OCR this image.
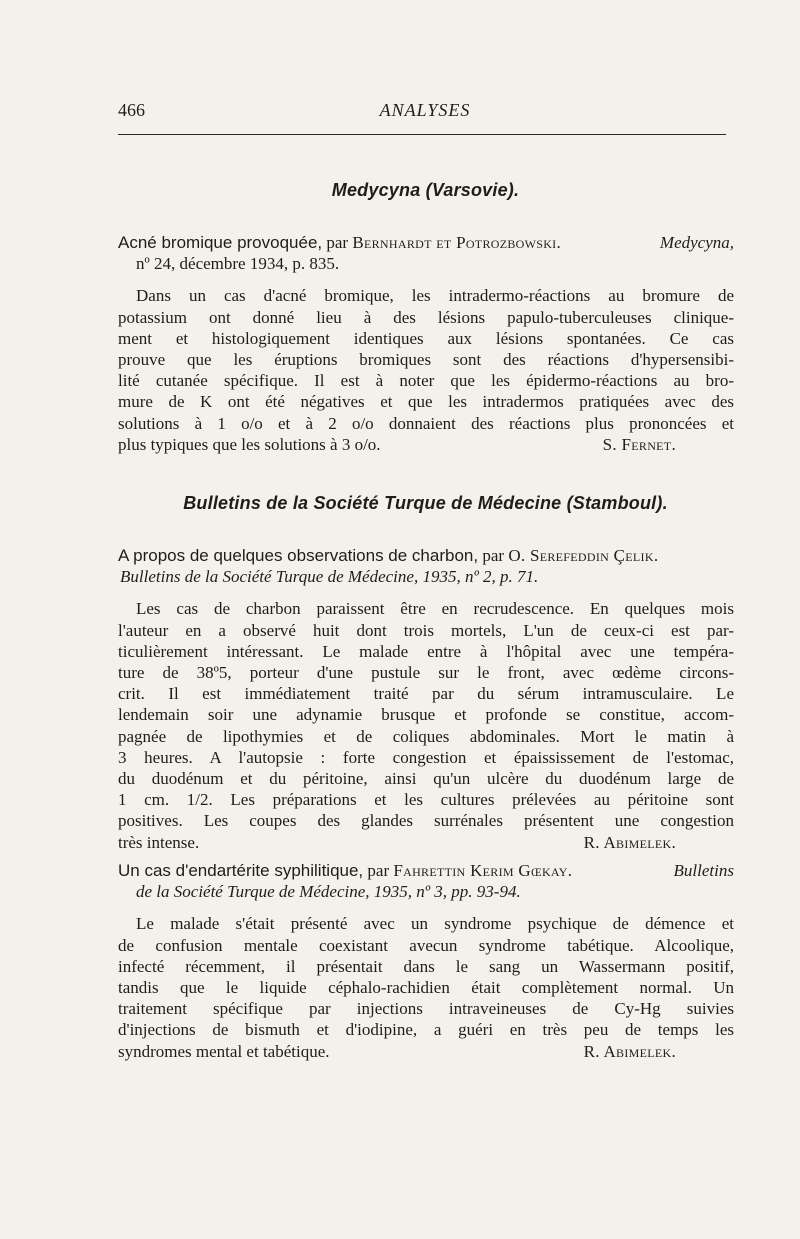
466	ANALYSES
Medycyna (Varsovie).
Acné bromique provoquée, par Bernhardt et Potrozbowski.	Medycyna,
nº 24, décembre 1934, p. 835.
Dans un cas d'acné bromique, les intradermo-réactions au bromure de
potassium ont donné lieu à des lésions papulo-tuberculeuses clinique-
ment et histologiquement identiques aux lésions spontanées. Ce cas
prouve que les éruptions bromiques sont des réactions d'hypersensibi-
lité cutanée spécifique. Il est à noter que les épidermo-réactions au bro-
mure de K ont été négatives et que les intradermos pratiquées avec des
solutions à 1 o/o et à 2 o/o donnaient des réactions plus prononcées et
plus typiques que les solutions à 3 o/o.	S. Fernet.
Bulletins de la Société Turque de Médecine (Stamboul).
A propos de quelques observations de charbon, par O. Serefeddin Çelik.
Bulletins de la Société Turque de Médecine, 1935, nº 2, p. 71.
Les cas de charbon paraissent être en recrudescence. En quelques mois
l'auteur en a observé huit dont trois mortels, L'un de ceux-ci est par-
ticulièrement intéressant. Le malade entre à l'hôpital avec une tempéra-
ture de 38º5, porteur d'une pustule sur le front, avec œdème circons-
crit. Il est immédiatement traité par du sérum intramusculaire. Le
lendemain soir une adynamie brusque et profonde se constitue, accom-
pagnée de lipothymies et de coliques abdominales. Mort le matin à
3 heures. A l'autopsie : forte congestion et épaississement de l'estomac,
du duodénum et du péritoine, ainsi qu'un ulcère du duodénum large de
1 cm. 1/2. Les préparations et les cultures prélevées au péritoine sont
positives. Les coupes des glandes surrénales présentent une congestion
très intense.	R. Abimelek.
Un cas d'endartérite syphilitique, par Fahrettin Kerim Gœkay.	Bulletins
de la Société Turque de Médecine, 1935, nº 3, pp. 93-94.
Le malade s'était présenté avec un syndrome psychique de démence et
de confusion mentale coexistant avecun syndrome tabétique. Alcoolique,
infecté récemment, il présentait dans le sang un Wassermann positif,
tandis que le liquide céphalo-rachidien était complètement normal. Un
traitement spécifique par injections intraveineuses de Cy-Hg suivies
d'injections de bismuth et d'iodipine, a guéri en très peu de temps les
syndromes mental et tabétique.	R. Abimelek.
